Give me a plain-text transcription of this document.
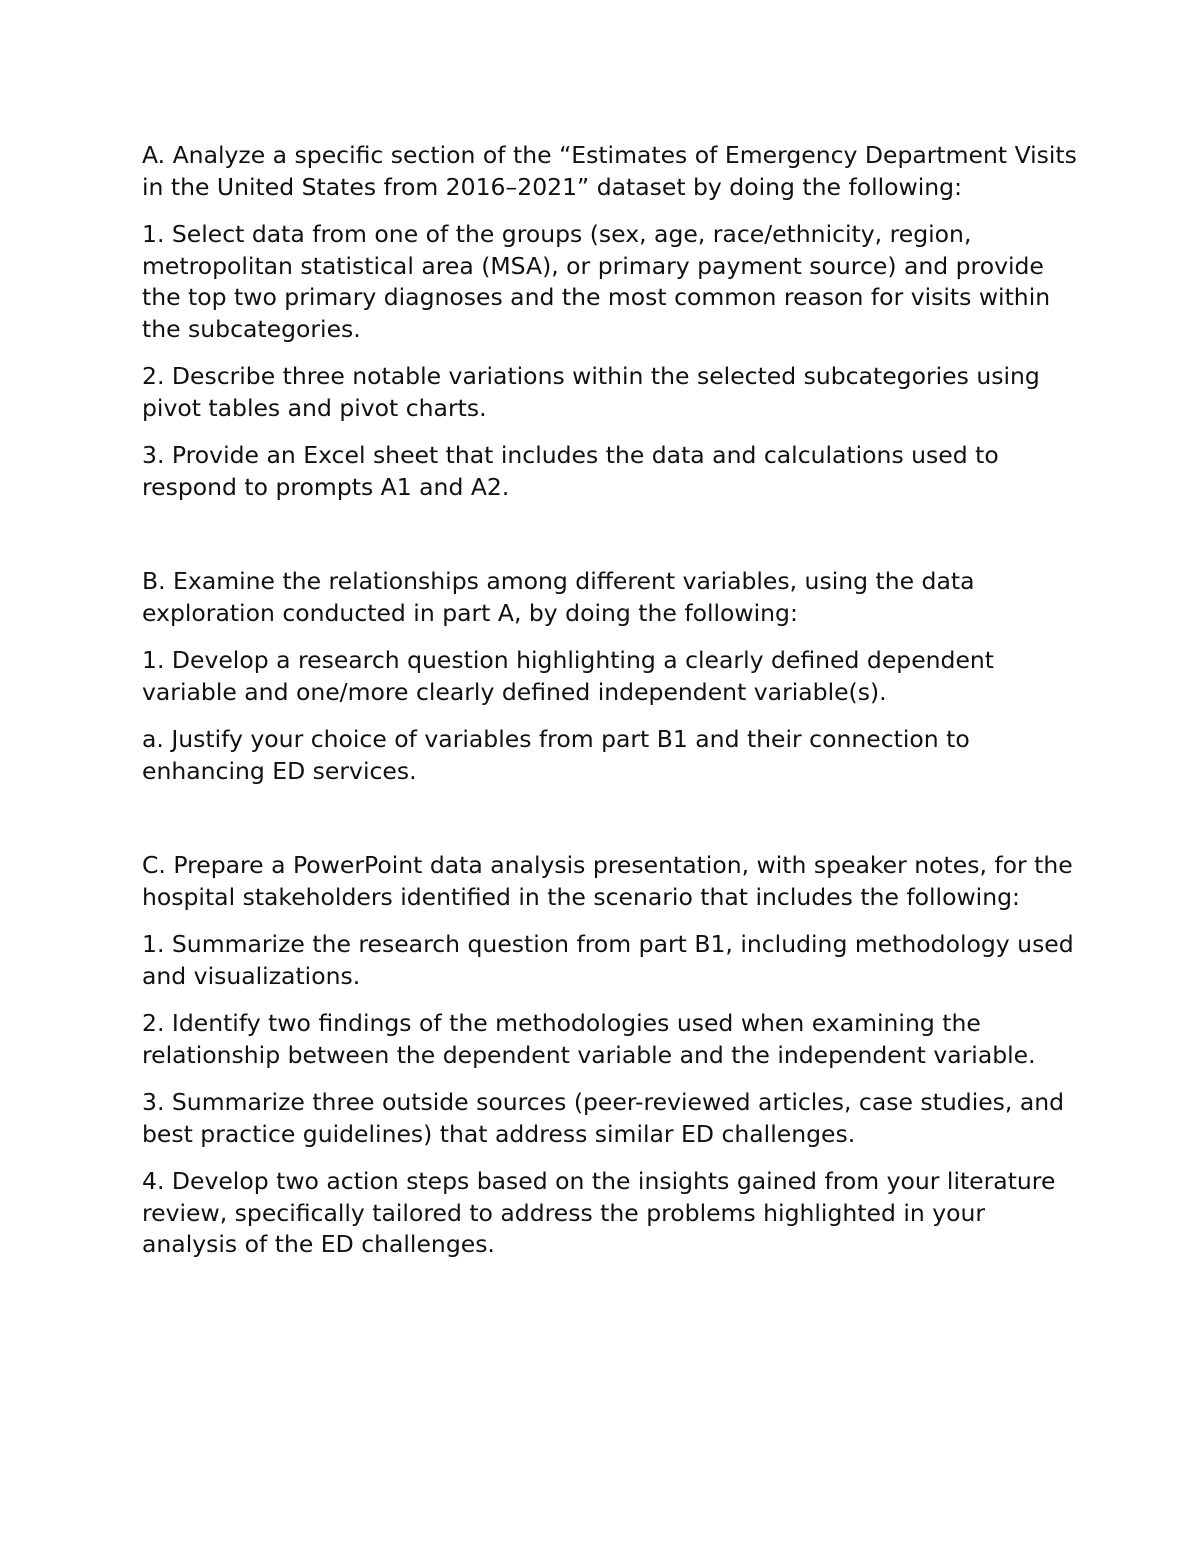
A. Analyze a specific section of the “Estimates of Emergency Department Visits in the United States from 2016–2021” dataset by doing the following:

1. Select data from one of the groups (sex, age, race/ethnicity, region, metropolitan statistical area (MSA), or primary payment source) and provide the top two primary diagnoses and the most common reason for visits within the subcategories.

2. Describe three notable variations within the selected subcategories using pivot tables and pivot charts.

3. Provide an Excel sheet that includes the data and calculations used to respond to prompts A1 and A2.

B. Examine the relationships among different variables, using the data exploration conducted in part A, by doing the following:

1. Develop a research question highlighting a clearly defined dependent variable and one/more clearly defined independent variable(s).

a. Justify your choice of variables from part B1 and their connection to enhancing ED services.

C. Prepare a PowerPoint data analysis presentation, with speaker notes, for the hospital stakeholders identified in the scenario that includes the following:

1. Summarize the research question from part B1, including methodology used and visualizations.

2. Identify two findings of the methodologies used when examining the relationship between the dependent variable and the independent variable.

3. Summarize three outside sources (peer-reviewed articles, case studies, and best practice guidelines) that address similar ED challenges.

4. Develop two action steps based on the insights gained from your literature review, specifically tailored to address the problems highlighted in your analysis of the ED challenges.
